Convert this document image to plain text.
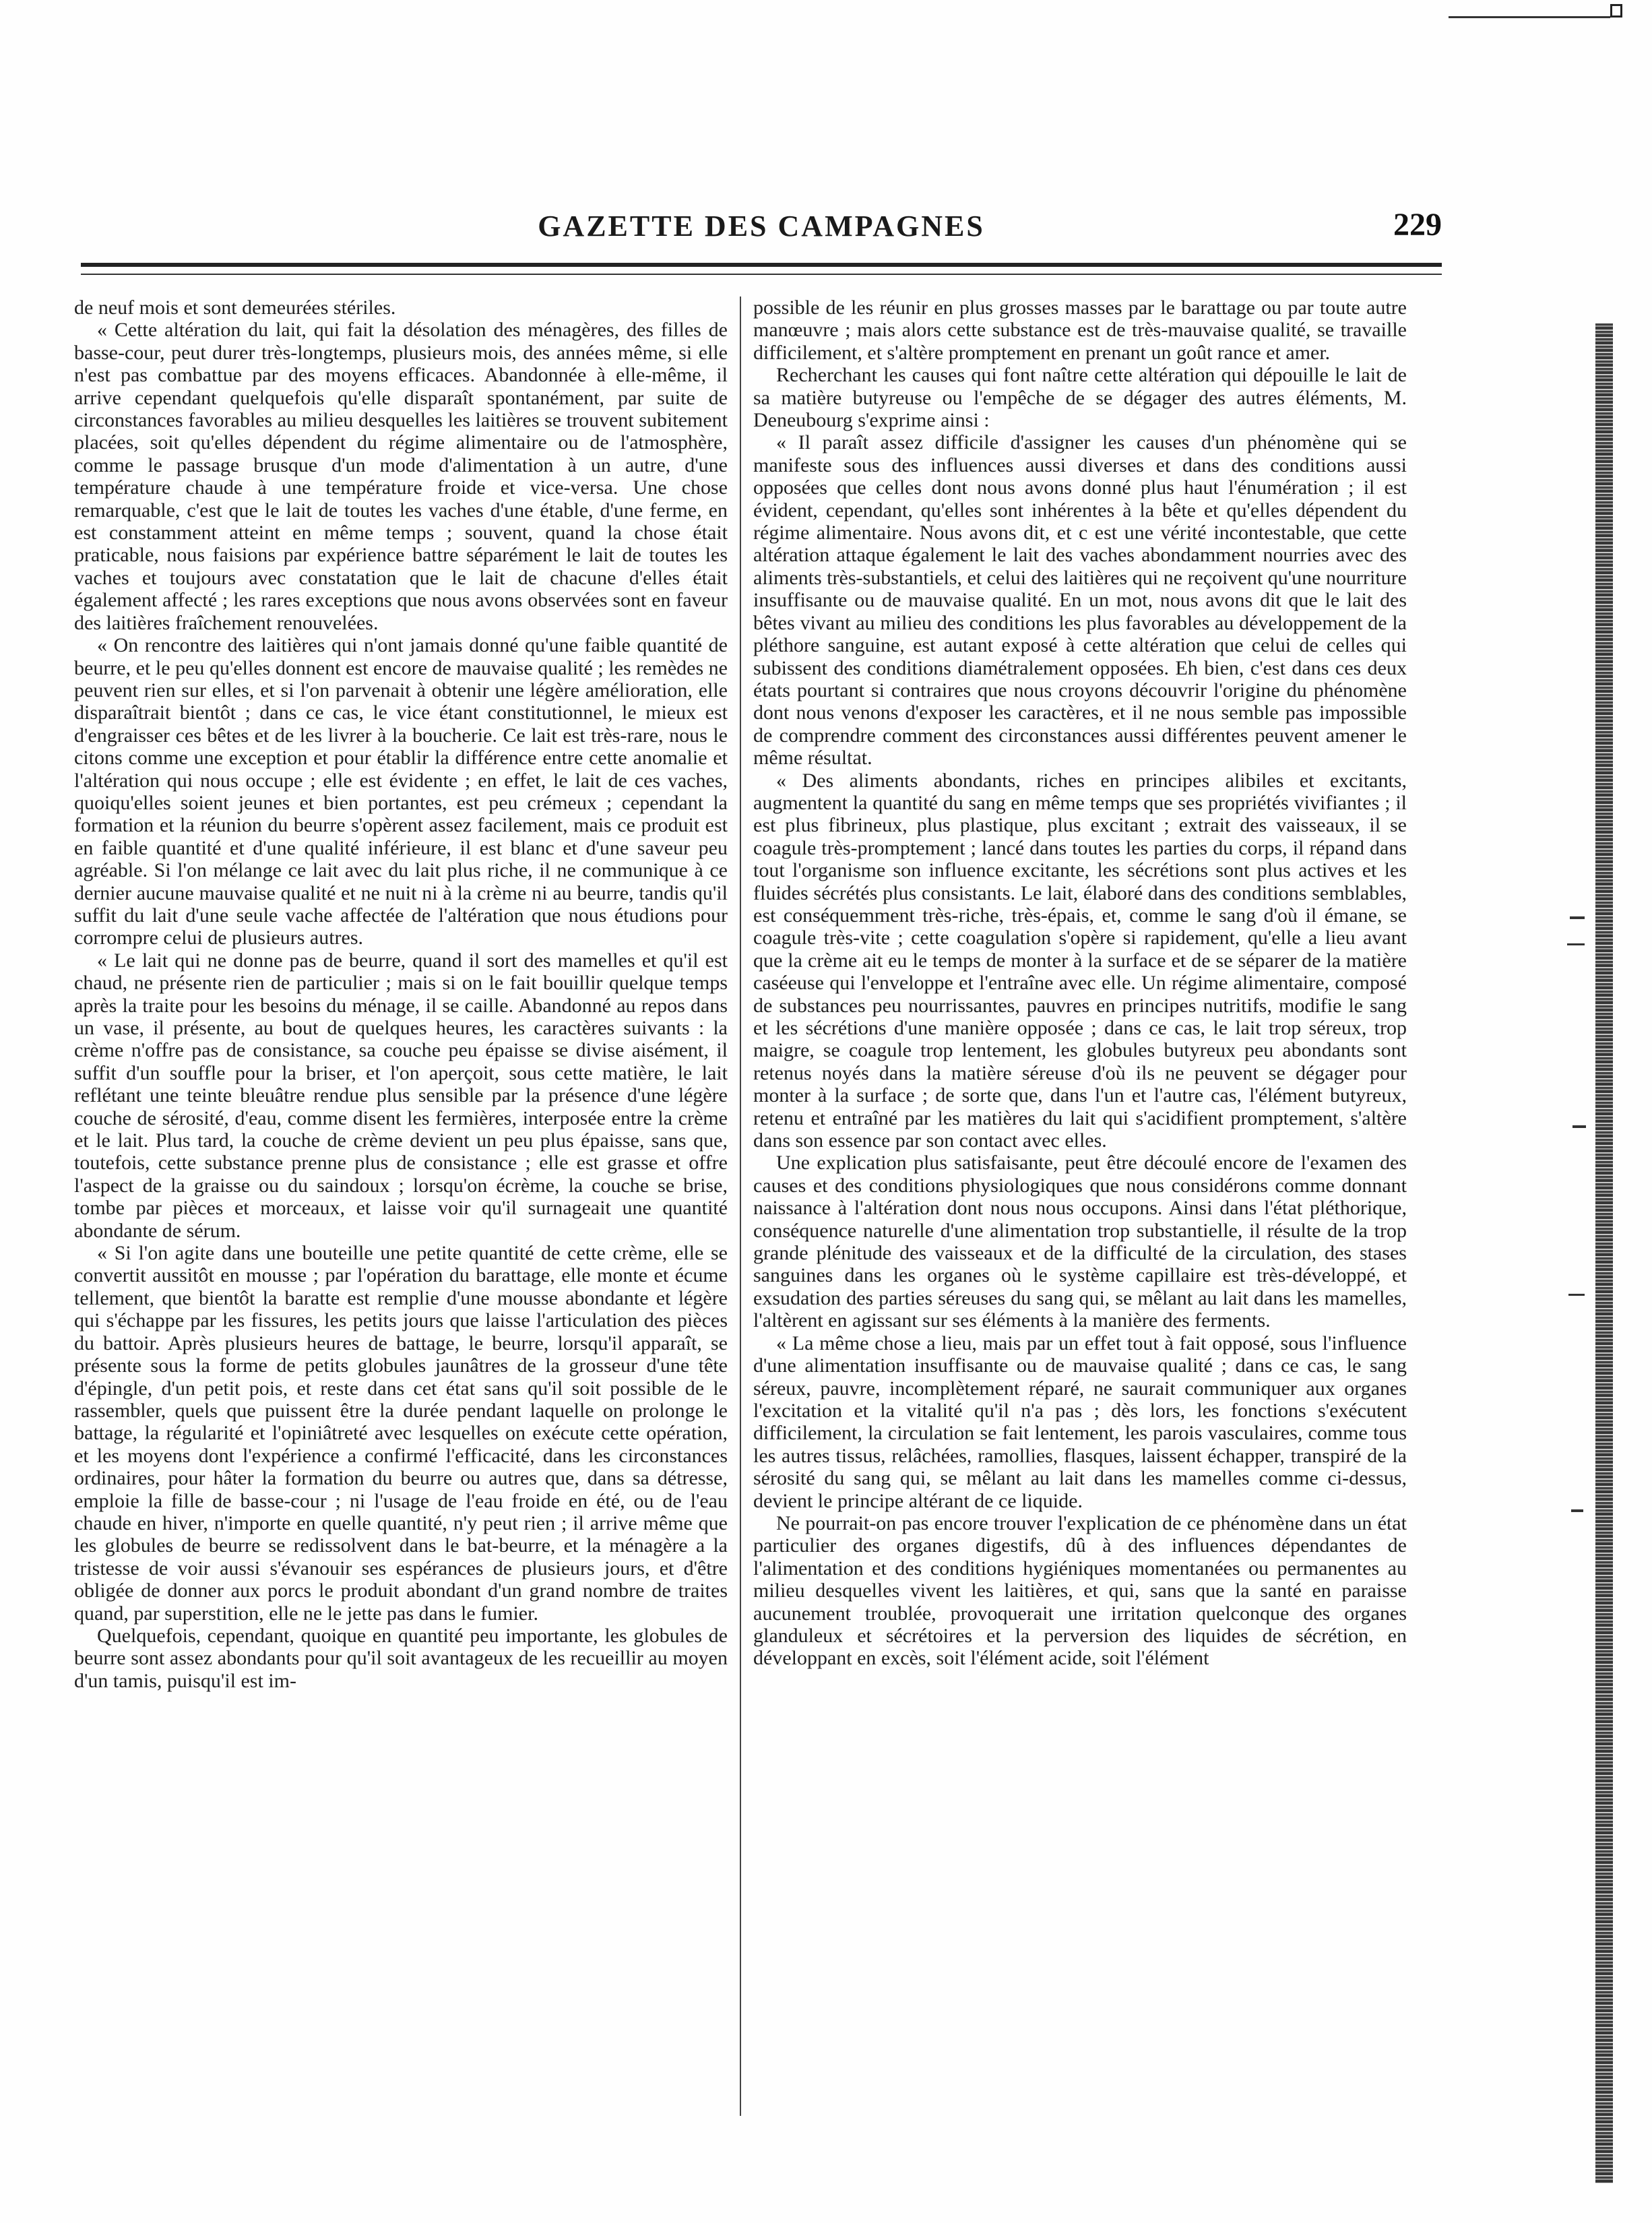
GAZETTE DES CAMPAGNES	229

de neuf mois et sont demeurées stériles.

« Cette altération du lait, qui fait la désolation des ménagères, des filles de basse-cour, peut durer très-longtemps, plusieurs mois, des années même, si elle n'est pas combattue par des moyens efficaces. Abandonnée à elle-même, il arrive cependant quelquefois qu'elle disparaît spontanément, par suite de circonstances favorables au milieu desquelles les laitières se trouvent subitement placées, soit qu'elles dépendent du régime alimentaire ou de l'atmosphère, comme le passage brusque d'un mode d'alimentation à un autre, d'une température chaude à une température froide et vice-versa. Une chose remarquable, c'est que le lait de toutes les vaches d'une étable, d'une ferme, en est constamment atteint en même temps ; souvent, quand la chose était praticable, nous faisions par expérience battre séparément le lait de toutes les vaches et toujours avec constatation que le lait de chacune d'elles était également affecté ; les rares exceptions que nous avons observées sont en faveur des laitières fraîchement renouvelées.

« On rencontre des laitières qui n'ont jamais donné qu'une faible quantité de beurre, et le peu qu'elles donnent est encore de mauvaise qualité ; les remèdes ne peuvent rien sur elles, et si l'on parvenait à obtenir une légère amélioration, elle disparaîtrait bientôt ; dans ce cas, le vice étant constitutionnel, le mieux est d'engraisser ces bêtes et de les livrer à la boucherie. Ce lait est très-rare, nous le citons comme une exception et pour établir la différence entre cette anomalie et l'altération qui nous occupe ; elle est évidente ; en effet, le lait de ces vaches, quoiqu'elles soient jeunes et bien portantes, est peu crémeux ; cependant la formation et la réunion du beurre s'opèrent assez facilement, mais ce produit est en faible quantité et d'une qualité inférieure, il est blanc et d'une saveur peu agréable. Si l'on mélange ce lait avec du lait plus riche, il ne communique à ce dernier aucune mauvaise qualité et ne nuit ni à la crème ni au beurre, tandis qu'il suffit du lait d'une seule vache affectée de l'altération que nous étudions pour corrompre celui de plusieurs autres.

« Le lait qui ne donne pas de beurre, quand il sort des mamelles et qu'il est chaud, ne présente rien de particulier ; mais si on le fait bouillir quelque temps après la traite pour les besoins du ménage, il se caille. Abandonné au repos dans un vase, il présente, au bout de quelques heures, les caractères suivants : la crème n'offre pas de consistance, sa couche peu épaisse se divise aisément, il suffit d'un souffle pour la briser, et l'on aperçoit, sous cette matière, le lait reflétant une teinte bleuâtre rendue plus sensible par la présence d'une légère couche de sérosité, d'eau, comme disent les fermières, interposée entre la crème et le lait. Plus tard, la couche de crème devient un peu plus épaisse, sans que, toutefois, cette substance prenne plus de consistance ; elle est grasse et offre l'aspect de la graisse ou du saindoux ; lorsqu'on écrème, la couche se brise, tombe par pièces et morceaux, et laisse voir qu'il surnageait une quantité abondante de sérum.

« Si l'on agite dans une bouteille une petite quantité de cette crème, elle se convertit aussitôt en mousse ; par l'opération du barattage, elle monte et écume tellement, que bientôt la baratte est remplie d'une mousse abondante et légère qui s'échappe par les fissures, les petits jours que laisse l'articulation des pièces du battoir. Après plusieurs heures de battage, le beurre, lorsqu'il apparaît, se présente sous la forme de petits globules jaunâtres de la grosseur d'une tête d'épingle, d'un petit pois, et reste dans cet état sans qu'il soit possible de le rassembler, quels que puissent être la durée pendant laquelle on prolonge le battage, la régularité et l'opiniâtreté avec lesquelles on exécute cette opération, et les moyens dont l'expérience a confirmé l'efficacité, dans les circonstances ordinaires, pour hâter la formation du beurre ou autres que, dans sa détresse, emploie la fille de basse-cour ; ni l'usage de l'eau froide en été, ou de l'eau chaude en hiver, n'importe en quelle quantité, n'y peut rien ; il arrive même que les globules de beurre se redissolvent dans le bat-beurre, et la ménagère a la tristesse de voir aussi s'évanouir ses espérances de plusieurs jours, et d'être obligée de donner aux porcs le produit abondant d'un grand nombre de traites quand, par superstition, elle ne le jette pas dans le fumier.

Quelquefois, cependant, quoique en quantité peu importante, les globules de beurre sont assez abondants pour qu'il soit avantageux de les recueillir au moyen d'un tamis, puisqu'il est im-

possible de les réunir en plus grosses masses par le barattage ou par toute autre manœuvre ; mais alors cette substance est de très-mauvaise qualité, se travaille difficilement, et s'altère promptement en prenant un goût rance et amer.

Recherchant les causes qui font naître cette altération qui dépouille le lait de sa matière butyreuse ou l'empêche de se dégager des autres éléments, M. Deneubourg s'exprime ainsi :

« Il paraît assez difficile d'assigner les causes d'un phénomène qui se manifeste sous des influences aussi diverses et dans des conditions aussi opposées que celles dont nous avons donné plus haut l'énumération ; il est évident, cependant, qu'elles sont inhérentes à la bête et qu'elles dépendent du régime alimentaire. Nous avons dit, et c est une vérité incontestable, que cette altération attaque également le lait des vaches abondamment nourries avec des aliments très-substantiels, et celui des laitières qui ne reçoivent qu'une nourriture insuffisante ou de mauvaise qualité. En un mot, nous avons dit que le lait des bêtes vivant au milieu des conditions les plus favorables au développement de la pléthore sanguine, est autant exposé à cette altération que celui de celles qui subissent des conditions diamétralement opposées. Eh bien, c'est dans ces deux états pourtant si contraires que nous croyons découvrir l'origine du phénomène dont nous venons d'exposer les caractères, et il ne nous semble pas impossible de comprendre comment des circonstances aussi différentes peuvent amener le même résultat.

« Des aliments abondants, riches en principes alibiles et excitants, augmentent la quantité du sang en même temps que ses propriétés vivifiantes ; il est plus fibrineux, plus plastique, plus excitant ; extrait des vaisseaux, il se coagule très-promptement ; lancé dans toutes les parties du corps, il répand dans tout l'organisme son influence excitante, les sécrétions sont plus actives et les fluides sécrétés plus consistants. Le lait, élaboré dans des conditions semblables, est conséquemment très-riche, très-épais, et, comme le sang d'où il émane, se coagule très-vite ; cette coagulation s'opère si rapidement, qu'elle a lieu avant que la crème ait eu le temps de monter à la surface et de se séparer de la matière caséeuse qui l'enveloppe et l'entraîne avec elle. Un régime alimentaire, composé de substances peu nourrissantes, pauvres en principes nutritifs, modifie le sang et les sécrétions d'une manière opposée ; dans ce cas, le lait trop séreux, trop maigre, se coagule trop lentement, les globules butyreux peu abondants sont retenus noyés dans la matière séreuse d'où ils ne peuvent se dégager pour monter à la surface ; de sorte que, dans l'un et l'autre cas, l'élément butyreux, retenu et entraîné par les matières du lait qui s'acidifient promptement, s'altère dans son essence par son contact avec elles.

Une explication plus satisfaisante, peut être découlé encore de l'examen des causes et des conditions physiologiques que nous considérons comme donnant naissance à l'altération dont nous nous occupons. Ainsi dans l'état pléthorique, conséquence naturelle d'une alimentation trop substantielle, il résulte de la trop grande plénitude des vaisseaux et de la difficulté de la circulation, des stases sanguines dans les organes où le système capillaire est très-développé, et exsudation des parties séreuses du sang qui, se mêlant au lait dans les mamelles, l'altèrent en agissant sur ses éléments à la manière des ferments.

« La même chose a lieu, mais par un effet tout à fait opposé, sous l'influence d'une alimentation insuffisante ou de mauvaise qualité ; dans ce cas, le sang séreux, pauvre, incomplètement réparé, ne saurait communiquer aux organes l'excitation et la vitalité qu'il n'a pas ; dès lors, les fonctions s'exécutent difficilement, la circulation se fait lentement, les parois vasculaires, comme tous les autres tissus, relâchées, ramollies, flasques, laissent échapper, transpiré de la sérosité du sang qui, se mêlant au lait dans les mamelles comme ci-dessus, devient le principe altérant de ce liquide.

Ne pourrait-on pas encore trouver l'explication de ce phénomène dans un état particulier des organes digestifs, dû à des influences dépendantes de l'alimentation et des conditions hygiéniques momentanées ou permanentes au milieu desquelles vivent les laitières, et qui, sans que la santé en paraisse aucunement troublée, provoquerait une irritation quelconque des organes glanduleux et sécrétoires et la perversion des liquides de sécrétion, en développant en excès, soit l'élément acide, soit l'élément
